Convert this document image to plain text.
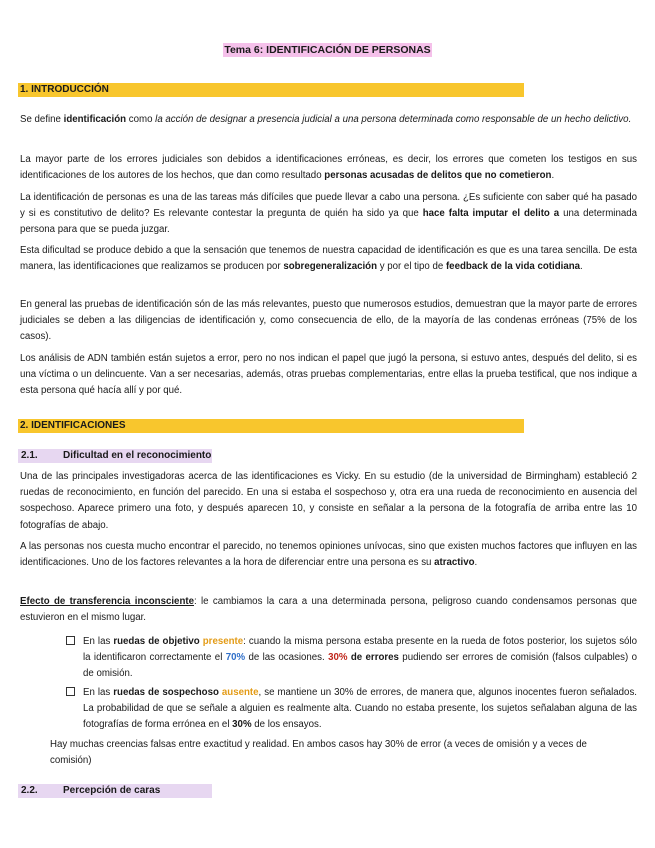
Tema 6: IDENTIFICACIÓN DE PERSONAS
1. INTRODUCCIÓN

Se define identificación como la acción de designar a presencia judicial a una persona determinada como responsable de un hecho delictivo.

La mayor parte de los errores judiciales son debidos a identificaciones erróneas, es decir, los errores que cometen los testigos en sus identificaciones de los autores de los hechos, que dan como resultado personas acusadas de delitos que no cometieron.

La identificación de personas es una de las tareas más difíciles que puede llevar a cabo una persona. ¿Es suficiente con saber qué ha pasado y si es constitutivo de delito? Es relevante contestar la pregunta de quién ha sido ya que hace falta imputar el delito a una determinada persona para que se pueda juzgar.

Esta dificultad se produce debido a que la sensación que tenemos de nuestra capacidad de identificación es que es una tarea sencilla. De esta manera, las identificaciones que realizamos se producen por sobregeneralización y por el tipo de feedback de la vida cotidiana.

En general las pruebas de identificación són de las más relevantes, puesto que numerosos estudios, demuestran que la mayor parte de errores judiciales se deben a las diligencias de identificación y, como consecuencia de ello, de la mayoría de las condenas erróneas (75% de los casos).

Los análisis de ADN también están sujetos a error, pero no nos indican el papel que jugó la persona, si estuvo antes, después del delito, si es una víctima o un delincuente. Van a ser necesarias, además, otras pruebas complementarias, entre ellas la prueba testifical, que nos indique a esta persona qué hacía allí y por qué.

2. IDENTIFICACIONES
2.1.	Dificultad en el reconocimiento

Una de las principales investigadoras acerca de las identificaciones es Vicky. En su estudio (de la universidad de Birmingham) estableció 2 ruedas de reconocimiento, en función del parecido. En una si estaba el sospechoso y, otra era una rueda de reconocimiento en ausencia del sospechoso. Aparece primero una foto, y después aparecen 10, y consiste en señalar a la persona de la fotografía de arriba entre las 10 fotografías de abajo.

A las personas nos cuesta mucho encontrar el parecido, no tenemos opiniones unívocas, sino que existen muchos factores que influyen en las identificaciones. Uno de los factores relevantes a la hora de diferenciar entre una persona es su atractivo.

Efecto de transferencia inconsciente: le cambiamos la cara a una determinada persona, peligroso cuando condensamos personas que estuvieron en el mismo lugar.

En las ruedas de objetivo presente: cuando la misma persona estaba presente en la rueda de fotos posterior, los sujetos sólo la identificaron correctamente el 70% de las ocasiones. 30% de errores pudiendo ser errores de comisión (falsos culpables) o de omisión.

En las ruedas de sospechoso ausente, se mantiene un 30% de errores, de manera que, algunos inocentes fueron señalados. La probabilidad de que se señale a alguien es realmente alta. Cuando no estaba presente, los sujetos señalaban alguna de las fotografías de forma errónea en el 30% de los ensayos.

Hay muchas creencias falsas entre exactitud y realidad. En ambos casos hay 30% de error (a veces de omisión y a veces de comisión)

2.2.	Percepción de caras
